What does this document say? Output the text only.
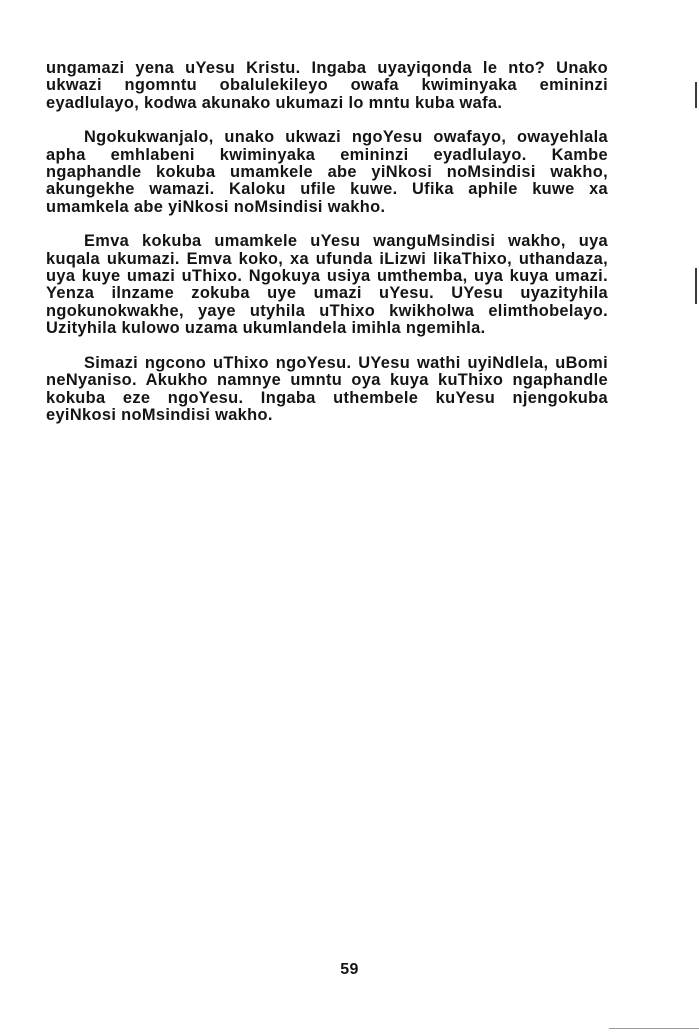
ungamazi yena uYesu Kristu. Ingaba uyayiqonda le nto? Unako ukwazi ngomntu obalulekileyo owafa kwiminyaka emininzi eyadlulayo, kodwa akunako ukumazi lo mntu kuba wafa.

Ngokukwanjalo, unako ukwazi ngoYesu owafayo, owayehlala apha emhlabeni kwiminyaka emininzi eyadlulayo. Kambe ngaphandle kokuba umamkele abe yiNkosi noMsindisi wakho, akungekhe wamazi. Kaloku ufile kuwe. Ufika aphile kuwe xa umamkela abe yiNkosi noMsindisi wakho.

Emva kokuba umamkele uYesu wanguMsindisi wakho, uya kuqala ukumazi. Emva koko, xa ufunda iLizwi likaThixo, uthandaza, uya kuye umazi uThixo. Ngokuya usiya umthemba, uya kuya umazi. Yenza ilnzame zokuba uye umazi uYesu. UYesu uyazityhila ngokunokwakhe, yaye utyhila uThixo kwikholwa elimthobelayo. Uzityhila kulowo uzama ukumlandela imihla ngemihla.

Simazi ngcono uThixo ngoYesu. UYesu wathi uyiNdlela, uBomi neNyaniso. Akukho namnye umntu oya kuya kuThixo ngaphandle kokuba eze ngoYesu. Ingaba uthembele kuYesu njengokuba eyiNkosi noMsindisi wakho.

59
